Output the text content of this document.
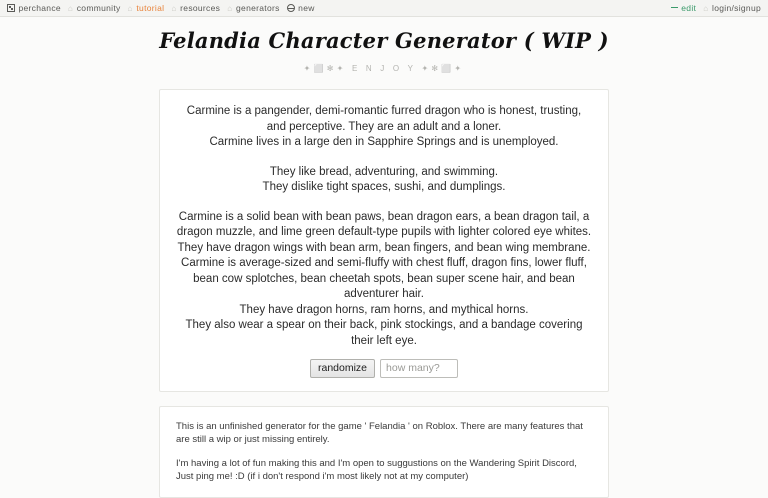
perchance ⌂ community ⌂ tutorial ⌂ resources ⌂ generators new	edit ⌂ login/signup
Felandia Character Generator ( WIP )
✦⬜✻✦ E N J O Y ✦✻⬜✦

Carmine is a pangender, demi-romantic furred dragon who is honest, trusting, and perceptive. They are an adult and a loner.
Carmine lives in a large den in Sapphire Springs and is unemployed.

They like bread, adventuring, and swimming.
They dislike tight spaces, sushi, and dumplings.

Carmine is a solid bean with bean paws, bean dragon ears, a bean dragon tail, a dragon muzzle, and lime green default-type pupils with lighter colored eye whites.
They have dragon wings with bean arm, bean fingers, and bean wing membrane.
Carmine is average-sized and semi-fluffy with chest fluff, dragon fins, lower fluff, bean cow splotches, bean cheetah spots, bean super scene hair, and bean adventurer hair.
They have dragon horns, ram horns, and mythical horns.
They also wear a spear on their back, pink stockings, and a bandage covering their left eye.

randomize
how many?

This is an unfinished generator for the game ' Felandia ' on Roblox. There are many features that are still a wip or just missing entirely.

I'm having a lot of fun making this and I'm open to suggustions on the Wandering Spirit Discord, Just ping me! :D (if i don't respond i'm most likely not at my computer)
